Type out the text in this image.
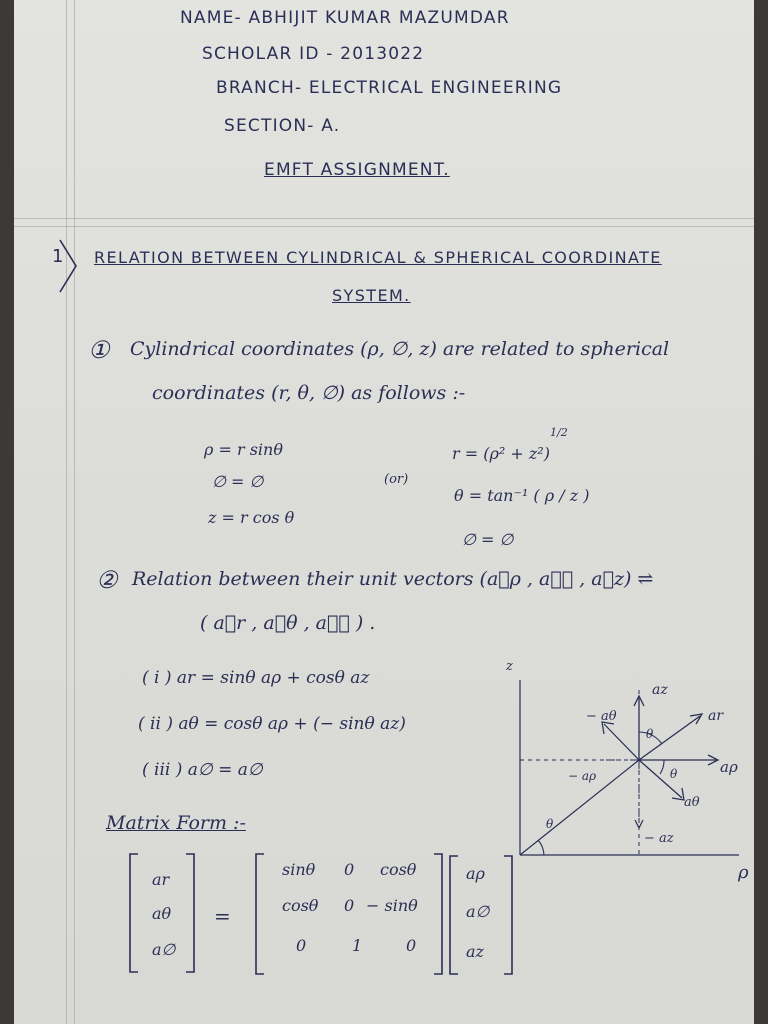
NAME- ABHIJIT KUMAR MAZUMDAR
SCHOLAR ID - 2013022
BRANCH- ELECTRICAL ENGINEERING
SECTION- A.
EMFT ASSIGNMENT.
1 RELATION BETWEEN CYLINDRICAL & SPHERICAL COORDINATE
SYSTEM.
① Cylindrical coordinates (ρ, ∅, z) are related to spherical
coordinates (r, θ, ∅) as follows :-
ρ = r sinθ
∅ = ∅
z = r cos θ
(or)
r = (ρ² + z²)
1/2
θ = tan⁻¹ ( ρ / z )
∅ = ∅
② Relation between their unit vectors (a⃗ρ , a⃗∅ , a⃗z) ⇌
( a⃗r , a⃗θ , a⃗∅ ) .
( i ) ar = sinθ aρ + cosθ az
( ii ) aθ = cosθ aρ + (− sinθ az)
( iii ) a∅ = a∅
Matrix Form :-
ar
aθ
a∅
=
sinθ 0 cosθ
cosθ 0 − sinθ
0	1	0
aρ
a∅
az
z
ρ
az
ar
− aθ
θ
− aρ	aρ
θ
aθ
− az
θ
